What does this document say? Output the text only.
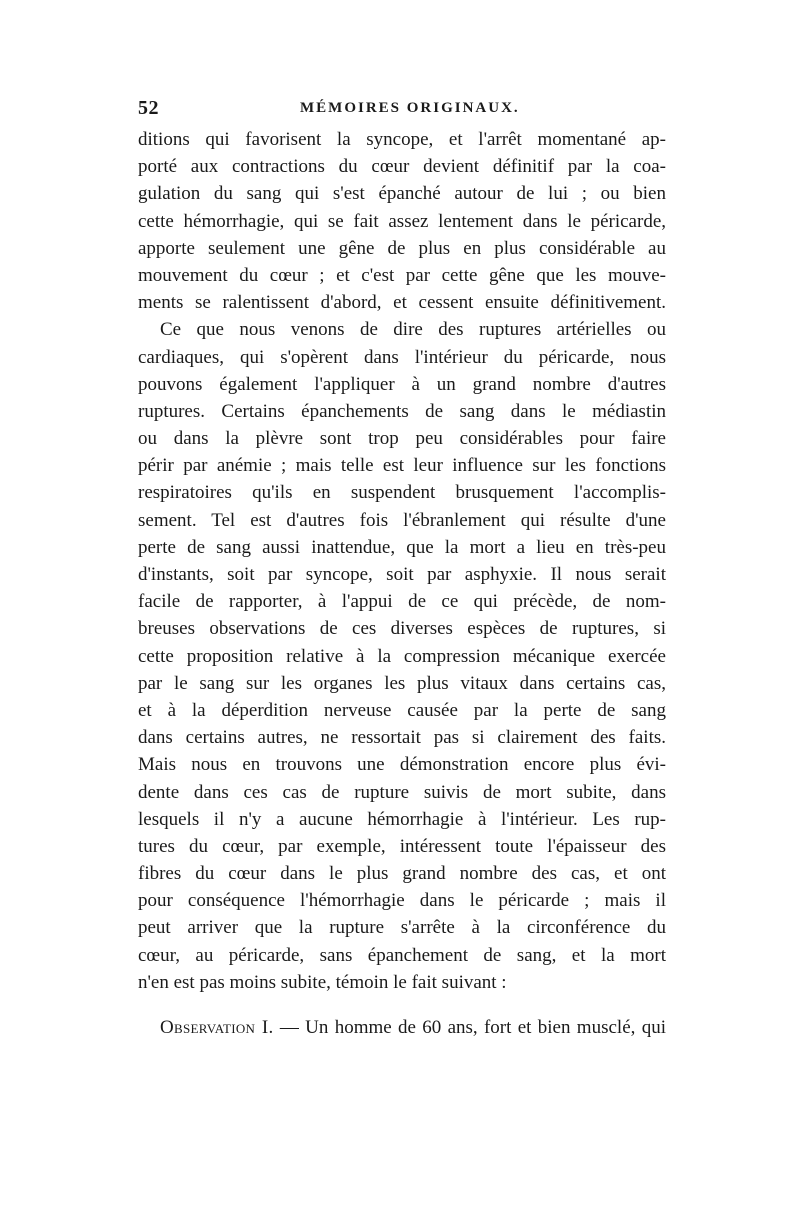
52	MÉMOIRES ORIGINAUX.
ditions qui favorisent la syncope, et l'arrêt momentané ap-
porté aux contractions du cœur devient définitif par la coa-
gulation du sang qui s'est épanché autour de lui ; ou bien
cette hémorrhagie, qui se fait assez lentement dans le péricarde,
apporte seulement une gêne de plus en plus considérable au
mouvement du cœur ; et c'est par cette gêne que les mouve-
ments se ralentissent d'abord, et cessent ensuite définitivement.
Ce que nous venons de dire des ruptures artérielles ou
cardiaques, qui s'opèrent dans l'intérieur du péricarde, nous
pouvons également l'appliquer à un grand nombre d'autres
ruptures. Certains épanchements de sang dans le médiastin
ou dans la plèvre sont trop peu considérables pour faire
périr par anémie ; mais telle est leur influence sur les fonctions
respiratoires qu'ils en suspendent brusquement l'accomplis-
sement. Tel est d'autres fois l'ébranlement qui résulte d'une
perte de sang aussi inattendue, que la mort a lieu en très-peu
d'instants, soit par syncope, soit par asphyxie. Il nous serait
facile de rapporter, à l'appui de ce qui précède, de nom-
breuses observations de ces diverses espèces de ruptures, si
cette proposition relative à la compression mécanique exercée
par le sang sur les organes les plus vitaux dans certains cas,
et à la déperdition nerveuse causée par la perte de sang
dans certains autres, ne ressortait pas si clairement des faits.
Mais nous en trouvons une démonstration encore plus évi-
dente dans ces cas de rupture suivis de mort subite, dans
lesquels il n'y a aucune hémorrhagie à l'intérieur. Les rup-
tures du cœur, par exemple, intéressent toute l'épaisseur des
fibres du cœur dans le plus grand nombre des cas, et ont
pour conséquence l'hémorrhagie dans le péricarde ; mais il
peut arriver que la rupture s'arrête à la circonférence du
cœur, au péricarde, sans épanchement de sang, et la mort
n'en est pas moins subite, témoin le fait suivant :
Observation I. — Un homme de 60 ans, fort et bien musclé, qui
